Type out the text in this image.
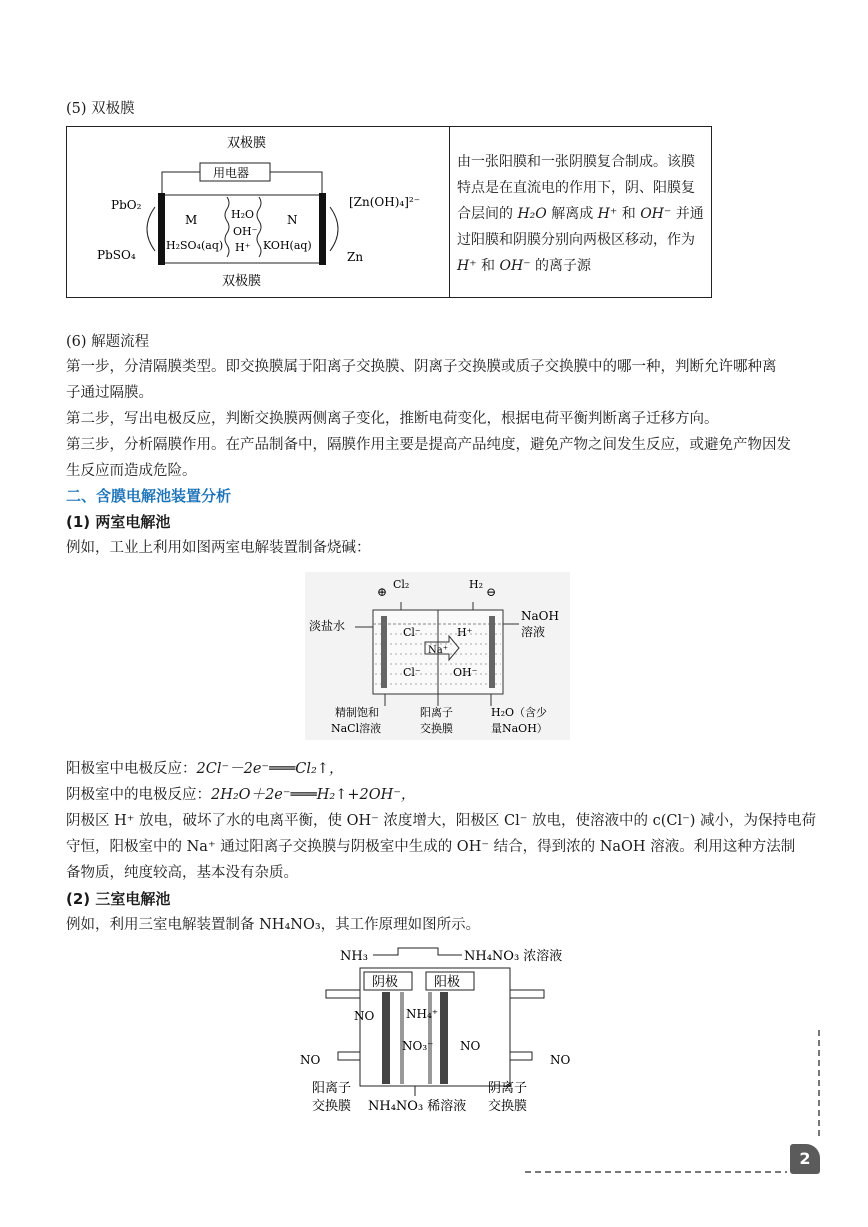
(5) 双极膜
双极膜
用电器
PbO₂
PbSO₄
M
H₂SO₄(aq)
H₂O
OH⁻
H⁺
N
KOH(aq)
[Zn(OH)₄]²⁻
Zn
双极膜
由一张阳膜和一张阴膜复合制成。该膜特点是在直流电的作用下，阴、阳膜复合层间的 H₂O 解离成 H⁺ 和 OH⁻ 并通过阳膜和阴膜分别向两极区移动，作为 H⁺ 和 OH⁻ 的离子源
(6) 解题流程
第一步，分清隔膜类型。即交换膜属于阳离子交换膜、阴离子交换膜或质子交换膜中的哪一种，判断允许哪种离
子通过隔膜。
第二步，写出电极反应，判断交换膜两侧离子变化，推断电荷变化，根据电荷平衡判断离子迁移方向。
第三步，分析隔膜作用。在产品制备中，隔膜作用主要是提高产品纯度，避免产物之间发生反应，或避免产物因发
生反应而造成危险。
二、含膜电解池装置分析
(1) 两室电解池
例如，工业上利用如图两室电解装置制备烧碱：
⊕	⊖
Cl₂	H₂
淡盐水
NaOH
溶液
Cl⁻	H⁺
Na⁺
Cl⁻	OH⁻
精制饱和
NaCl溶液
阳离子
交换膜
H₂O（含少
量NaOH）
阳极室中电极反应：2Cl⁻－2e⁻═══Cl₂↑，
阴极室中的电极反应：2H₂O＋2e⁻═══H₂↑+2OH⁻，
阴极区 H⁺ 放电，破坏了水的电离平衡，使 OH⁻ 浓度增大，阳极区 Cl⁻ 放电，使溶液中的 c(Cl⁻) 减小，为保持电荷
守恒，阳极室中的 Na⁺ 通过阳离子交换膜与阴极室中生成的 OH⁻ 结合，得到浓的 NaOH 溶液。利用这种方法制
备物质，纯度较高，基本没有杂质。
(2) 三室电解池
例如，利用三室电解装置制备 NH₄NO₃，其工作原理如图所示。
NH₃	NH₄NO₃ 浓溶液
阴极	阳极
NO	NH₄⁺
NO₃⁻ NO
NO	NO
阳离子
交换膜 NH₄NO₃ 稀溶液
阴离子
交换膜
2
